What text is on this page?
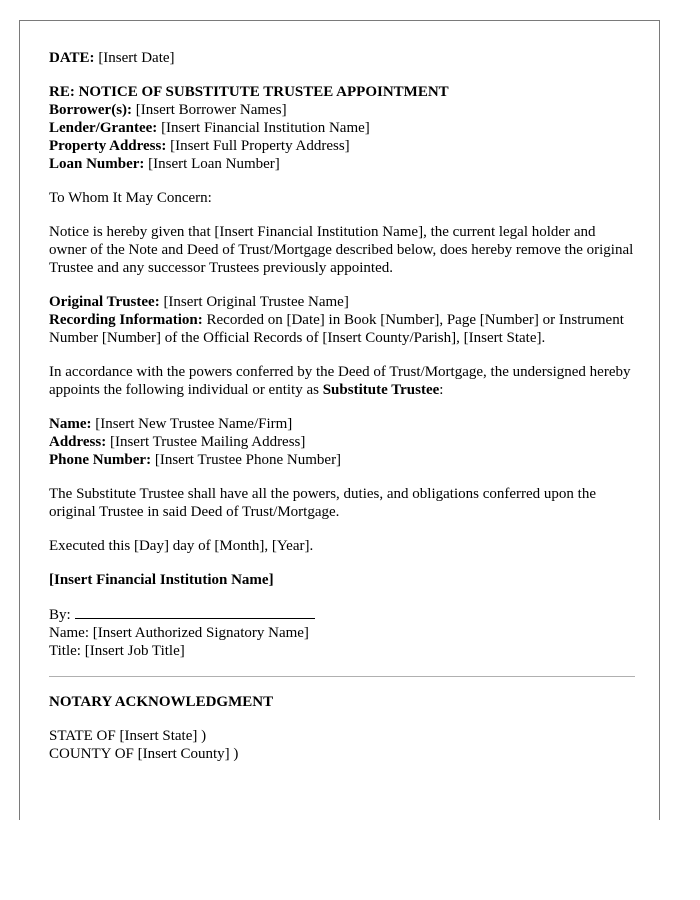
DATE: [Insert Date]

RE: NOTICE OF SUBSTITUTE TRUSTEE APPOINTMENT

Borrower(s): [Insert Borrower Names]

Lender/Grantee: [Insert Financial Institution Name]

Property Address: [Insert Full Property Address]

Loan Number: [Insert Loan Number]

To Whom It May Concern:

Notice is hereby given that [Insert Financial Institution Name], the current legal holder and owner of the Note and Deed of Trust/Mortgage described below, does hereby remove the original Trustee and any successor Trustees previously appointed.

Original Trustee: [Insert Original Trustee Name]

Recording Information: Recorded on [Date] in Book [Number], Page [Number] or Instrument Number [Number] of the Official Records of [Insert County/Parish], [Insert State].

In accordance with the powers conferred by the Deed of Trust/Mortgage, the undersigned hereby appoints the following individual or entity as Substitute Trustee:

Name: [Insert New Trustee Name/Firm]

Address: [Insert Trustee Mailing Address]

Phone Number: [Insert Trustee Phone Number]

The Substitute Trustee shall have all the powers, duties, and obligations conferred upon the original Trustee in said Deed of Trust/Mortgage.

Executed this [Day] day of [Month], [Year].

[Insert Financial Institution Name]

By:

Name: [Insert Authorized Signatory Name]

Title: [Insert Job Title]

NOTARY ACKNOWLEDGMENT

STATE OF [Insert State] )

COUNTY OF [Insert County] )
